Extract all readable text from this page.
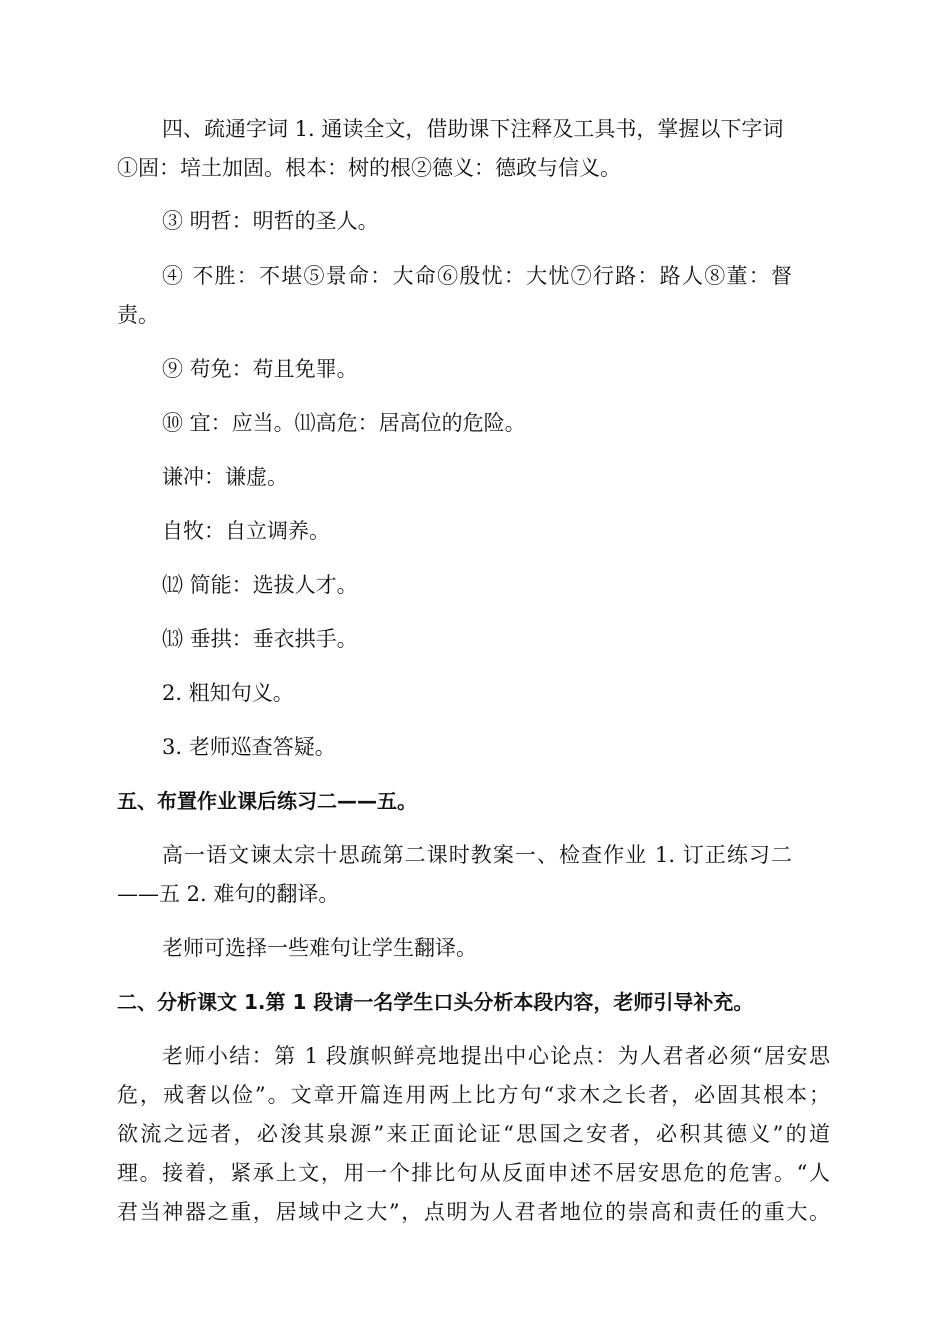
四、疏通字词 1. 通读全文，借助课下注释及工具书，掌握以下字词
①固：培土加固。根本：树的根②德义：德政与信义。
③ 明哲：明哲的圣人。
④ 不胜：不堪⑤景命：大命⑥殷忧：大忧⑦行路：路人⑧董：督
责。
⑨ 苟免：苟且免罪。
⑩ 宜：应当。⑾高危：居高位的危险。
谦冲：谦虚。
自牧：自立调养。
⑿ 简能：选拔人才。
⒀ 垂拱：垂衣拱手。
2. 粗知句义。
3. 老师巡查答疑。
五、布置作业课后练习二——五。
高一语文谏太宗十思疏第二课时教案一、检查作业 1. 订正练习二
——五 2. 难句的翻译。
老师可选择一些难句让学生翻译。
二、分析课文 1.第 1 段请一名学生口头分析本段内容，老师引导补充。
老师小结：第 1 段旗帜鲜亮地提出中心论点：为人君者必须“居安思
危，戒奢以俭”。文章开篇连用两上比方句“求木之长者，必固其根本；
欲流之远者，必浚其泉源”来正面论证“思国之安者，必积其德义”的道
理。接着，紧承上文，用一个排比句从反面申述不居安思危的危害。“人
君当神器之重，居域中之大”，点明为人君者地位的崇高和责任的重大。
